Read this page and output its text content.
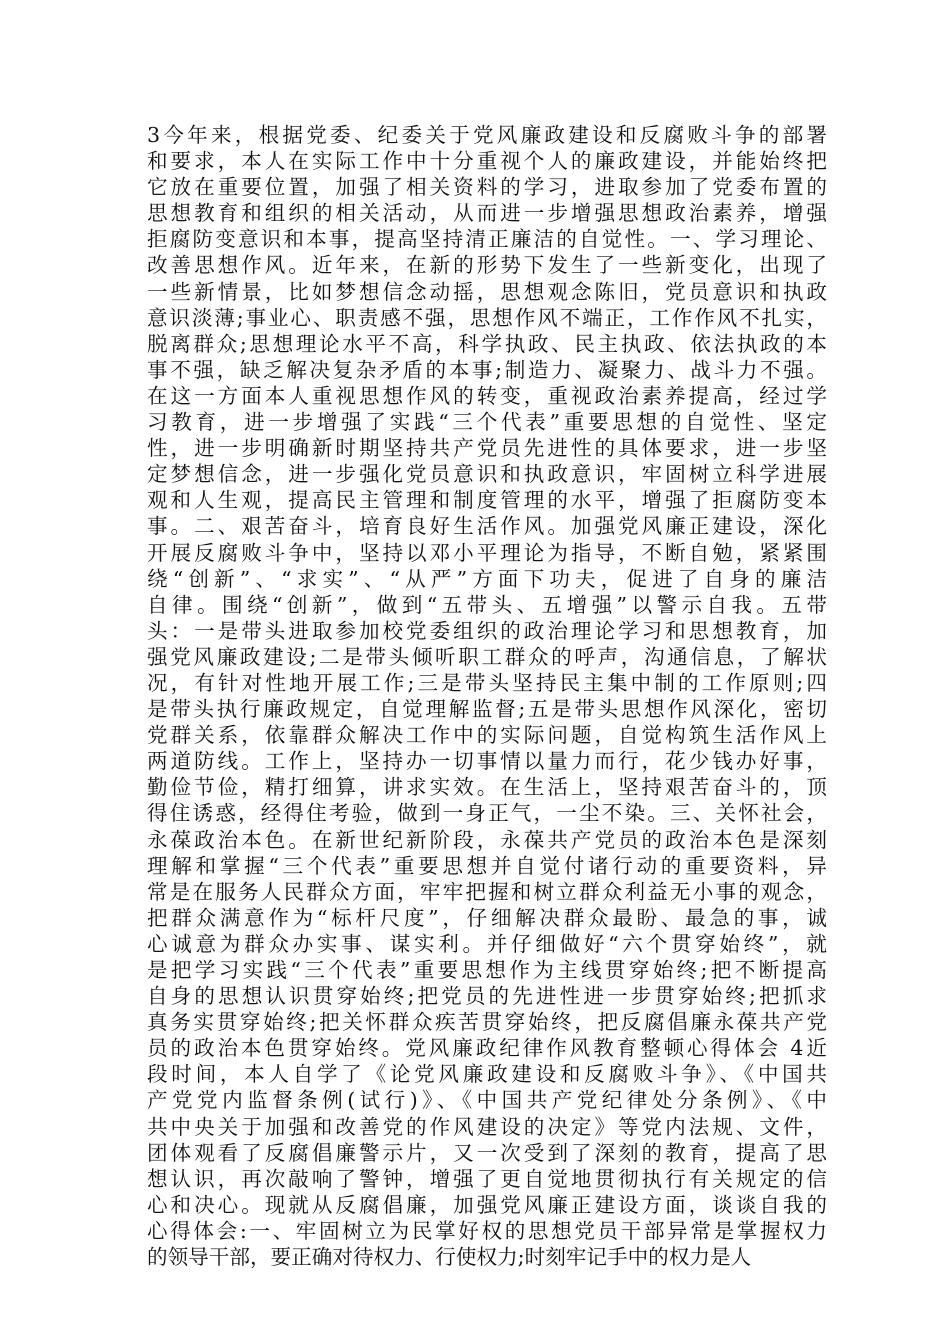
3今年来，根据党委、纪委关于党风廉政建设和反腐败斗争的部署
和要求，本人在实际工作中十分重视个人的廉政建设，并能始终把
它放在重要位置，加强了相关资料的学习，进取参加了党委布置的
思想教育和组织的相关活动，从而进一步增强思想政治素养，增强
拒腐防变意识和本事，提高坚持清正廉洁的自觉性。一、学习理论、
改善思想作风。近年来，在新的形势下发生了一些新变化，出现了
一些新情景，比如梦想信念动摇，思想观念陈旧，党员意识和执政
意识淡薄;事业心、职责感不强，思想作风不端正，工作作风不扎实，
脱离群众;思想理论水平不高，科学执政、民主执政、依法执政的本
事不强，缺乏解决复杂矛盾的本事;制造力、凝聚力、战斗力不强。
在这一方面本人重视思想作风的转变，重视政治素养提高，经过学
习教育，进一步增强了实践“三个代表”重要思想的自觉性、坚定
性，进一步明确新时期坚持共产党员先进性的具体要求，进一步坚
定梦想信念，进一步强化党员意识和执政意识，牢固树立科学进展
观和人生观，提高民主管理和制度管理的水平，增强了拒腐防变本
事。二、艰苦奋斗，培育良好生活作风。加强党风廉正建设，深化
开展反腐败斗争中，坚持以邓小平理论为指导，不断自勉，紧紧围
绕“创新”、“求实”、“从严”方面下功夫，促进了自身的廉洁
自律。围绕“创新”，做到“五带头、五增强”以警示自我。五带
头：一是带头进取参加校党委组织的政治理论学习和思想教育，加
强党风廉政建设;二是带头倾听职工群众的呼声，沟通信息，了解状
况，有针对性地开展工作;三是带头坚持民主集中制的工作原则;四
是带头执行廉政规定，自觉理解监督;五是带头思想作风深化，密切
党群关系，依靠群众解决工作中的实际问题，自觉构筑生活作风上
两道防线。工作上，坚持办一切事情以量力而行，花少钱办好事，
勤俭节俭，精打细算，讲求实效。在生活上，坚持艰苦奋斗的，顶
得住诱惑，经得住考验，做到一身正气，一尘不染。三、关怀社会，
永葆政治本色。在新世纪新阶段，永葆共产党员的政治本色是深刻
理解和掌握“三个代表”重要思想并自觉付诸行动的重要资料，异
常是在服务人民群众方面，牢牢把握和树立群众利益无小事的观念，
把群众满意作为“标杆尺度”，仔细解决群众最盼、最急的事，诚
心诚意为群众办实事、谋实利。并仔细做好“六个贯穿始终”，就
是把学习实践“三个代表”重要思想作为主线贯穿始终;把不断提高
自身的思想认识贯穿始终;把党员的先进性进一步贯穿始终;把抓求
真务实贯穿始终;把关怀群众疾苦贯穿始终，把反腐倡廉永葆共产党
员的政治本色贯穿始终。党风廉政纪律作风教育整顿心得体会 4近
段时间，本人自学了《论党风廉政建设和反腐败斗争》、《中国共
产党党内监督条例(试行)》、《中国共产党纪律处分条例》、《中
共中央关于加强和改善党的作风建设的决定》等党内法规、文件，
团体观看了反腐倡廉警示片，又一次受到了深刻的教育，提高了思
想认识，再次敲响了警钟，增强了更自觉地贯彻执行有关规定的信
心和决心。现就从反腐倡廉，加强党风廉正建设方面，谈谈自我的
心得体会:一、牢固树立为民掌好权的思想党员干部异常是掌握权力
的领导干部，要正确对待权力、行使权力;时刻牢记手中的权力是人
